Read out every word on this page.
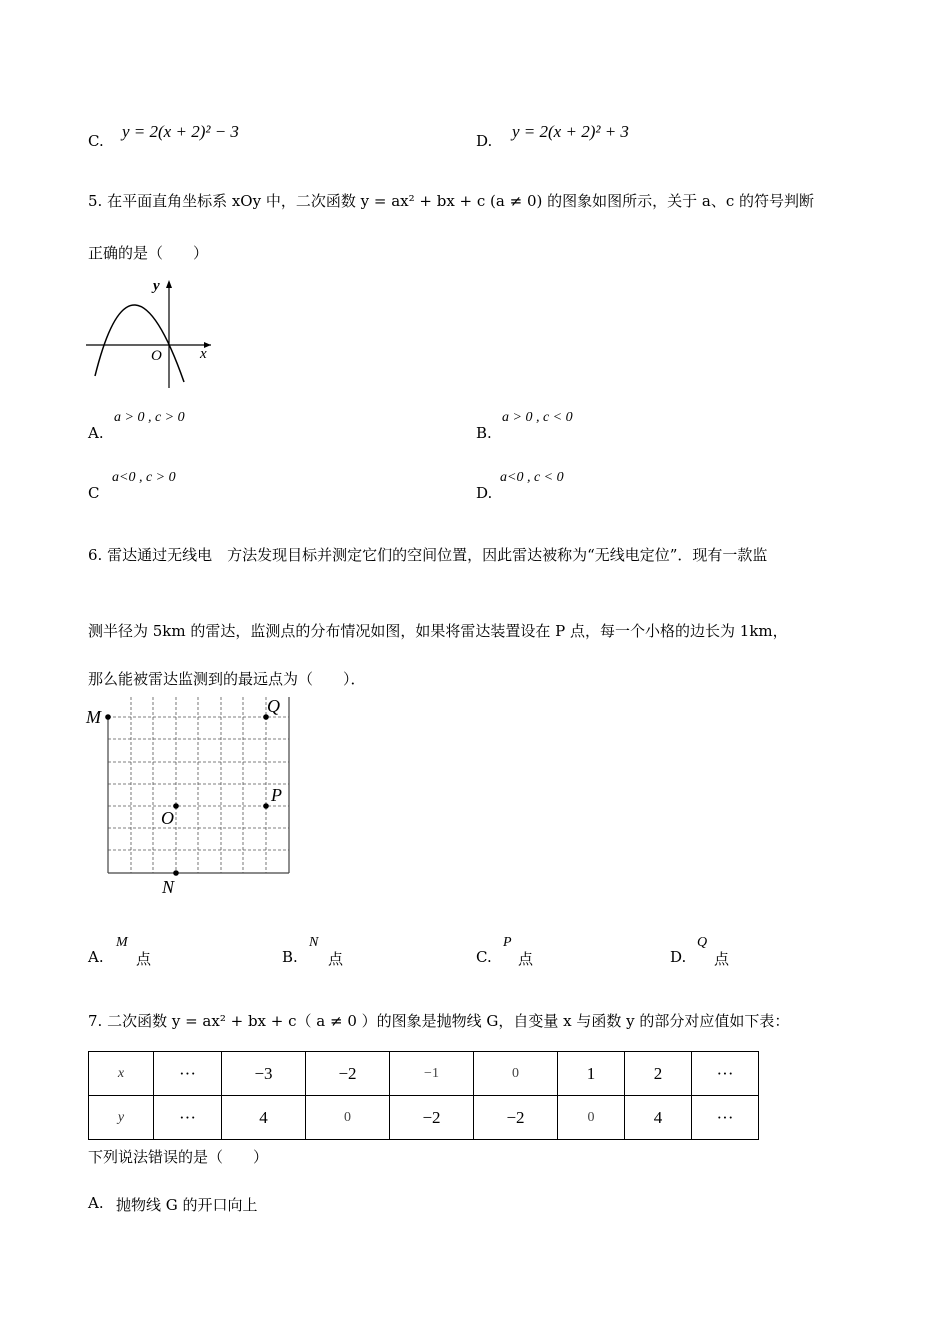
C. y = 2(x + 2)² − 3	D. y = 2(x + 2)² + 3
5. 在平面直角坐标系 xOy 中，二次函数 y = ax² + bx + c (a ≠ 0) 的图象如图所示，关于 a、c 的符号判断
正确的是（　　）
x
y
O
A.
a > 0 , c > 0
B.
a > 0 , c < 0
C
a<0 , c > 0
D.
a<0 , c < 0
6. 雷达通过无线电　方法发现目标并测定它们的空间位置，因此雷达被称为“无线电定位”．现有一款监
测半径为 5km 的雷达，监测点的分布情况如图，如果将雷达装置设在 P 点，每一个小格的边长为 1km，
那么能被雷达监测到的最远点为（　　）．
M
Q
P
O
N
A.
M
点	B.
N
点	C.
P
点	D.
Q
点
7. 二次函数 y = ax² + bx + c（ a ≠ 0 ）的图象是抛物线 G，自变量 x 与函数 y 的部分对应值如下表：
x	···	−3	−2	−1	0	1	2	···
y	···	4	0	−2	−2	0	4	···
下列说法错误的是（　　）
A. 抛物线 G 的开口向上
